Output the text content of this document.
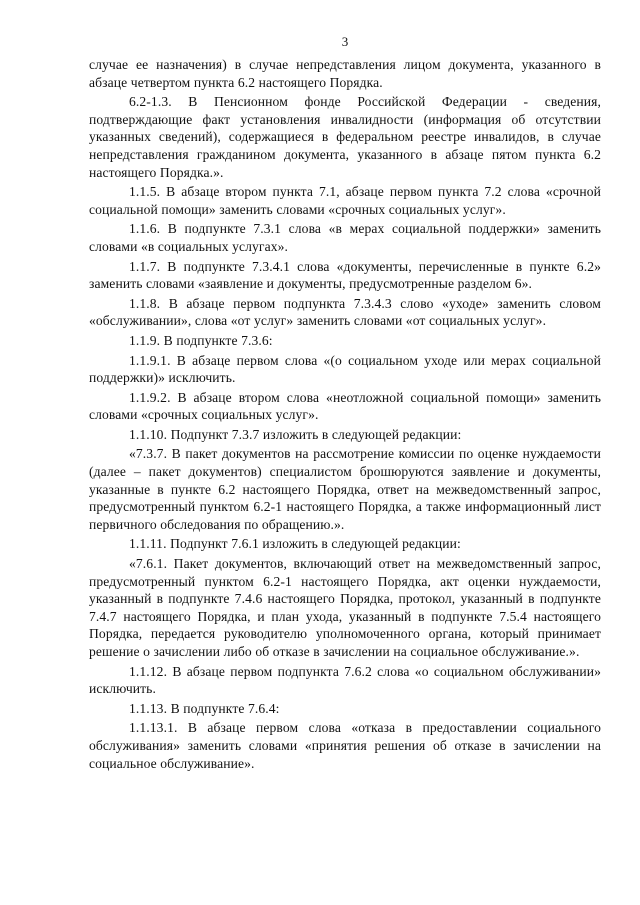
3

случае ее назначения) в случае непредставления лицом документа, указанного в абзаце четвертом пункта 6.2 настоящего Порядка.

6.2-1.3. В Пенсионном фонде Российской Федерации - сведения, подтверждающие факт установления инвалидности (информация об отсутствии указанных сведений), содержащиеся в федеральном реестре инвалидов, в случае непредставления гражданином документа, указанного в абзаце пятом пункта 6.2 настоящего Порядка.».

1.1.5. В абзаце втором пункта 7.1, абзаце первом пункта 7.2 слова «срочной социальной помощи» заменить словами «срочных социальных услуг».

1.1.6. В подпункте 7.3.1 слова «в мерах социальной поддержки» заменить словами «в социальных услугах».

1.1.7. В подпункте 7.3.4.1 слова «документы, перечисленные в пункте 6.2» заменить словами «заявление и документы, предусмотренные разделом 6».

1.1.8. В абзаце первом подпункта 7.3.4.3 слово «уходе» заменить словом «обслуживании», слова «от услуг» заменить словами «от социальных услуг».

1.1.9. В подпункте 7.3.6:

1.1.9.1. В абзаце первом слова «(о социальном уходе или мерах социальной поддержки)» исключить.

1.1.9.2. В абзаце втором слова «неотложной социальной помощи» заменить словами «срочных социальных услуг».

1.1.10. Подпункт 7.3.7 изложить в следующей редакции:

«7.3.7. В пакет документов на рассмотрение комиссии по оценке нуждаемости (далее – пакет документов) специалистом брошюруются заявление и документы, указанные в пункте 6.2 настоящего Порядка, ответ на межведомственный запрос, предусмотренный пунктом 6.2-1 настоящего Порядка, а также информационный лист первичного обследования по обращению.».

1.1.11. Подпункт 7.6.1 изложить в следующей редакции:

«7.6.1. Пакет документов, включающий ответ на межведомственный запрос, предусмотренный пунктом 6.2-1 настоящего Порядка, акт оценки нуждаемости, указанный в подпункте 7.4.6 настоящего Порядка, протокол, указанный в подпункте 7.4.7 настоящего Порядка, и план ухода, указанный в подпункте 7.5.4 настоящего Порядка, передается руководителю уполномоченного органа, который принимает решение о зачислении либо об отказе в зачислении на социальное обслуживание.».

1.1.12. В абзаце первом подпункта 7.6.2 слова «о социальном обслуживании» исключить.

1.1.13. В подпункте 7.6.4:

1.1.13.1. В абзаце первом слова «отказа в предоставлении социального обслуживания» заменить словами «принятия решения об отказе в зачислении на социальное обслуживание».
